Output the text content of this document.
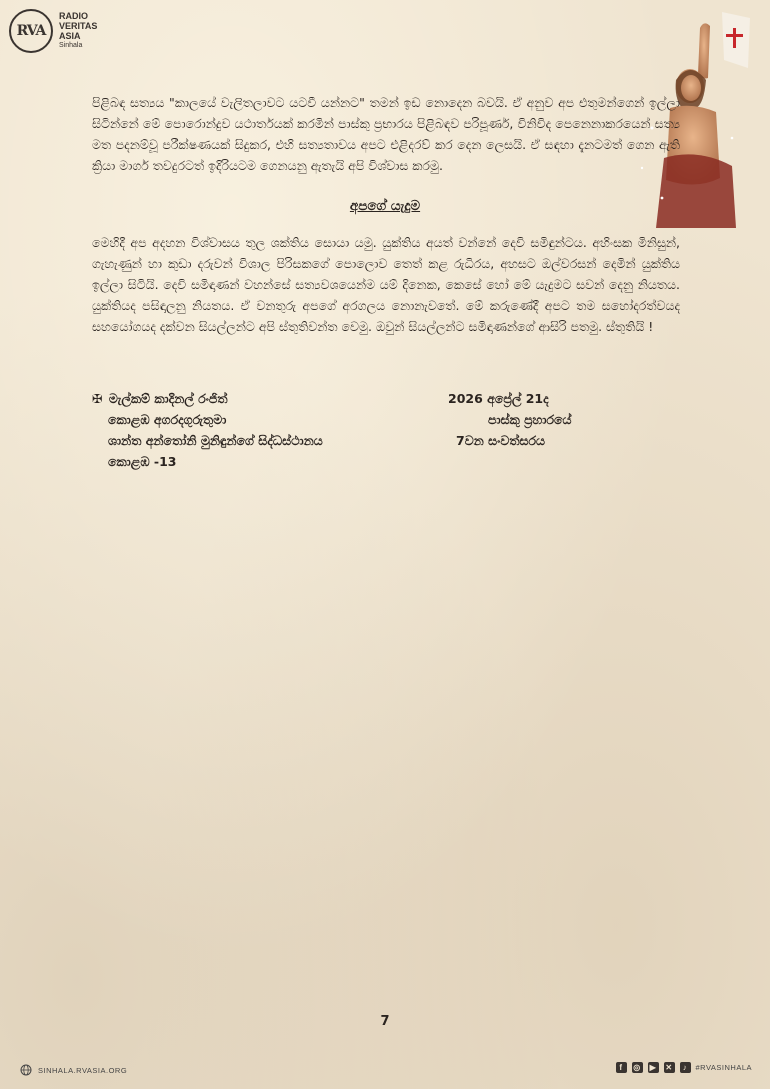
RVA
RADIO
VERITAS
ASIA
Sinhala

පිළිබඳ සත්‍යය "කාලයේ වැලිතලාවට යටවී යන්නට" තමන් ඉඩ නොදෙන බවයි. ඒ අනුව අප එතුමන්ගෙන් ඉල්ලා සිටින්නේ මේ පොරොන්දුව යථාර්තයක් කරමින් පාස්කු ප්‍රභාරය පිළිබඳව පරිපූර්ණ, විනිවිද පෙනෙනාකරයෙන් සත්‍ය මත පදනම්වූ පරීක්ෂණයක් සිදුකර, එහි සත්‍යතාවය අපට එළිදරව් කර දෙන ලෙසයි. ඒ සඳහා දැනටමත් ගෙන ඇති ක්‍රියා මාර්ග තවදුරටත් ඉදිරියටම ගෙනයනු ඇතැයි අපි විශ්වාස කරමු.

අපගේ යැදුම

මෙහිදී අප අදහන විශ්වාසය තුල ශක්තිය සොයා යමු. යුක්තිය අයත් වන්නේ දෙවි සමිඳුන්ටය. අහිංසක මිනිසුන්, ගැහැණුන් හා කුඩා දරුවන් විශාල පිරිසකගේ පොලොව තෙත් කළ රුධිරය, අහසට ඔල්වරසන් දෙමින් යුක්තිය ඉල්ලා සිටියි. දෙවි සමිඳාණන් වහන්සේ සත්‍යවශයෙන්ම යම් දිනෙක, කෙසේ හෝ මේ යැදුමට සවන් දෙනු නියතය. යුක්තියද පසිඳාලනු නියතය. ඒ වනතුරු අපගේ අරගලය නොනැවතේ. මේ කරුණේදී අපට තම සහෝදරත්වයද සහයෝගයද දක්වන සියල්ලන්ට අපි ස්තුතිවන්ත වෙමු. ඔවුන් සියල්ලන්ට සමිඳාණන්ගේ ආසිරි පතමු. ස්තුතියි !

✠ මැල්කම් කාදිනල් රංජිත්
කොළඹ අගරදගුරුතුමා
ශාන්ත අන්තෝනි මුනිඳුන්ගේ සිද්ධස්ථානය
කොළඹ -13
2026 අප්‍රේල් 21ද
පාස්කු ප්‍රහාරයේ
7වන සංවත්සරය
7
SINHALA.RVASIA.ORG	f	◎ ▶ ✕	♪	#RVASINHALA
